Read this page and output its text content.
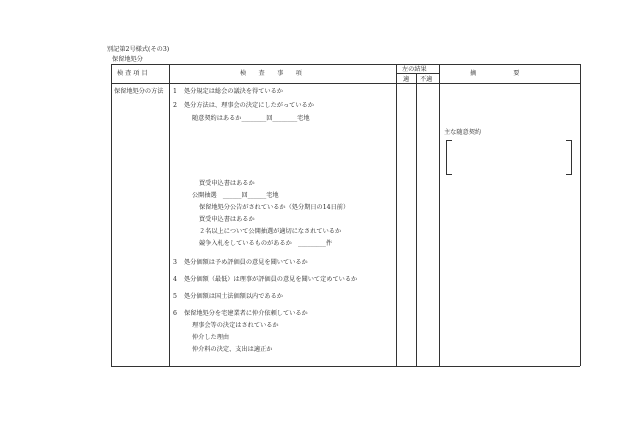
別記第2号様式(その3)
保留地処分
検 査 項 目	検　　査　　事　　項
左の結果
適 不適
摘　　　　　　要
保留地処分の方法 1 処分規定は総会の議決を得ているか
2 処分方法は、理事会の決定にしたがっているか
随意契約はあるか________回________宅地
買受申込書はあるか
公開抽選　______回______宅地
保留地処分公告がされているか（処分期日の14日前）
買受申込書はあるか
２名以上について公開抽選が適切になされているか
競争入札をしているものがあるか　_________件
3 処分価額は予め評価員の意見を聞いているか
4 処分価額（最低）は理事が評価員の意見を聞いて定めているか
5 処分価額は国土法価額以内であるか
6 保留地処分を宅建業者に仲介依頼しているか
理事会等の決定はされているか
仲介した理由
仲介料の決定、支出は適正か
主な随意契約
